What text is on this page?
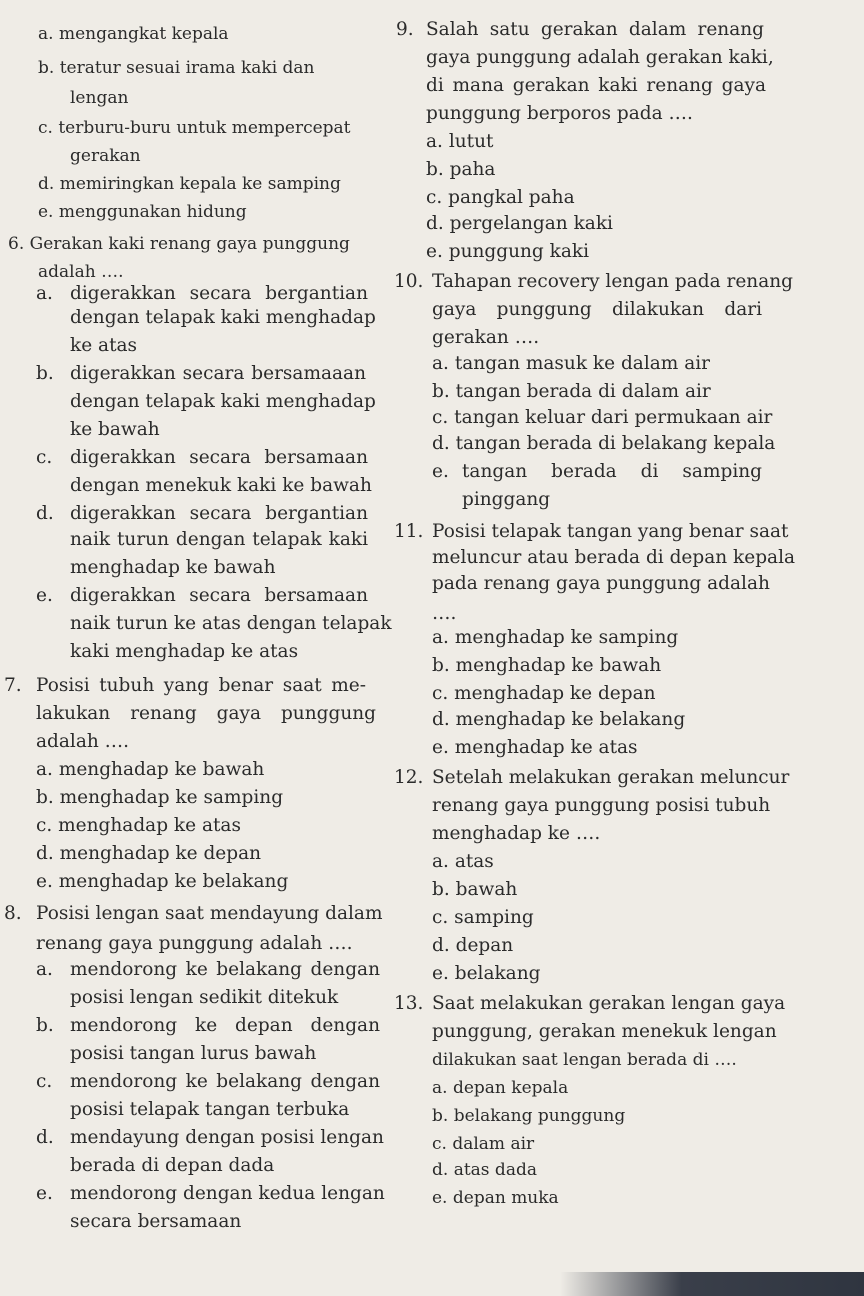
a. mengangkat kepala
b. teratur sesuai irama kaki dan
lengan
c. terburu-buru untuk mempercepat
gerakan
d. memiringkan kepala ke samping
e. menggunakan hidung
6. Gerakan kaki renang gaya punggung
adalah ….
a. digerakkan secara bergantian
dengan telapak kaki menghadap
ke atas
b. digerakkan secara bersamaaan
dengan telapak kaki menghadap
ke bawah
c. digerakkan secara bersamaan
dengan menekuk kaki ke bawah
d. digerakkan secara bergantian
naik turun dengan telapak kaki
menghadap ke bawah
e. digerakkan secara bersamaan
naik turun ke atas dengan telapak
kaki menghadap ke atas
7. Posisi tubuh yang benar saat me-
lakukan renang gaya punggung
adalah ….
a. menghadap ke bawah
b. menghadap ke samping
c. menghadap ke atas
d. menghadap ke depan
e. menghadap ke belakang
8. Posisi lengan saat mendayung dalam
renang gaya punggung adalah ….
a. mendorong ke belakang dengan
posisi lengan sedikit ditekuk
b. mendorong ke depan dengan
posisi tangan lurus bawah
c. mendorong ke belakang dengan
posisi telapak tangan terbuka
d. mendayung dengan posisi lengan
berada di depan dada
e. mendorong dengan kedua lengan
secara bersamaan
9. Salah satu gerakan dalam renang
gaya punggung adalah gerakan kaki,
di mana gerakan kaki renang gaya
punggung berporos pada ….
a. lutut
b. paha
c. pangkal paha
d. pergelangan kaki
e. punggung kaki
10. Tahapan recovery lengan pada renang
gaya punggung dilakukan dari
gerakan ….
a. tangan masuk ke dalam air
b. tangan berada di dalam air
c. tangan keluar dari permukaan air
d. tangan berada di belakang kepala
e. tangan berada di samping
pinggang
11. Posisi telapak tangan yang benar saat
meluncur atau berada di depan kepala
pada renang gaya punggung adalah
….
a. menghadap ke samping
b. menghadap ke bawah
c. menghadap ke depan
d. menghadap ke belakang
e. menghadap ke atas
12. Setelah melakukan gerakan meluncur
renang gaya punggung posisi tubuh
menghadap ke ….
a. atas
b. bawah
c. samping
d. depan
e. belakang
13. Saat melakukan gerakan lengan gaya
punggung, gerakan menekuk lengan
dilakukan saat lengan berada di ….
a. depan kepala
b. belakang punggung
c. dalam air
d. atas dada
e. depan muka
